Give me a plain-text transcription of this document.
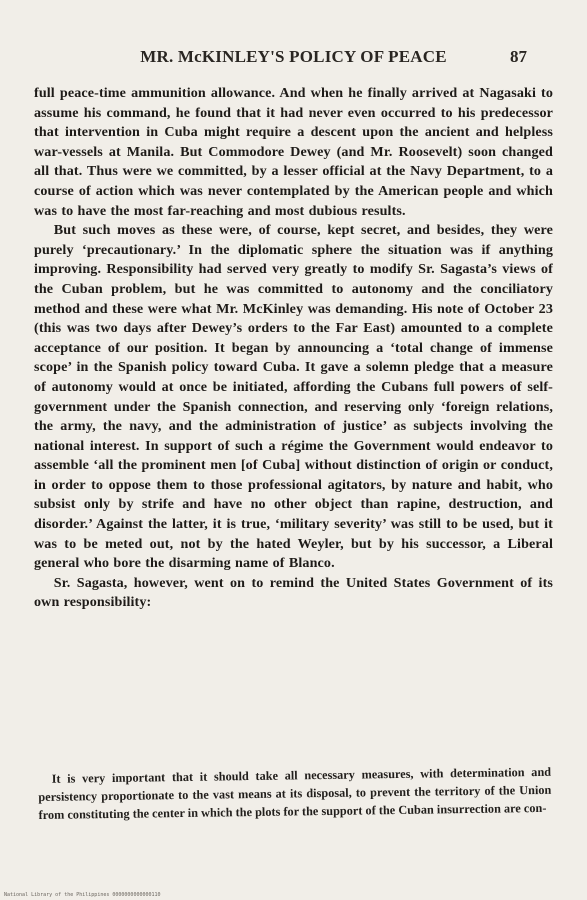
MR. McKINLEY'S POLICY OF PEACE	87

full peace-time ammunition allowance. And when he finally arrived at Nagasaki to assume his command, he found that it had never even occurred to his predecessor that intervention in Cuba might require a descent upon the ancient and helpless war-vessels at Manila. But Commodore Dewey (and Mr. Roosevelt) soon changed all that. Thus were we committed, by a lesser official at the Navy Department, to a course of action which was never contemplated by the American people and which was to have the most far-reaching and most dubious results.

But such moves as these were, of course, kept secret, and besides, they were purely ‘precautionary.’ In the diplomatic sphere the situation was if anything improving. Responsibility had served very greatly to modify Sr. Sagasta’s views of the Cuban problem, but he was committed to autonomy and the conciliatory method and these were what Mr. McKinley was demanding. His note of October 23 (this was two days after Dewey’s orders to the Far East) amounted to a complete acceptance of our position. It began by announcing a ‘total change of immense scope’ in the Spanish policy toward Cuba. It gave a solemn pledge that a measure of autonomy would at once be initiated, affording the Cubans full powers of self-government under the Spanish connection, and reserving only ‘foreign relations, the army, the navy, and the administration of justice’ as subjects involving the national interest. In support of such a régime the Government would endeavor to assemble ‘all the prominent men [of Cuba] without distinction of origin or conduct, in order to oppose them to those professional agitators, by nature and habit, who subsist only by strife and have no other object than rapine, destruction, and disorder.’ Against the latter, it is true, ‘military severity’ was still to be used, but it was to be meted out, not by the hated Weyler, but by his successor, a Liberal general who bore the disarming name of Blanco.

Sr. Sagasta, however, went on to remind the United States Government of its own responsibility:

It is very important that it should take all necessary measures, with determination and persistency proportionate to the vast means at its disposal, to prevent the territory of the Union from constituting the center in which the plots for the support of the Cuban insurrection are con-

National Library of the Philippines 0000000000000110
